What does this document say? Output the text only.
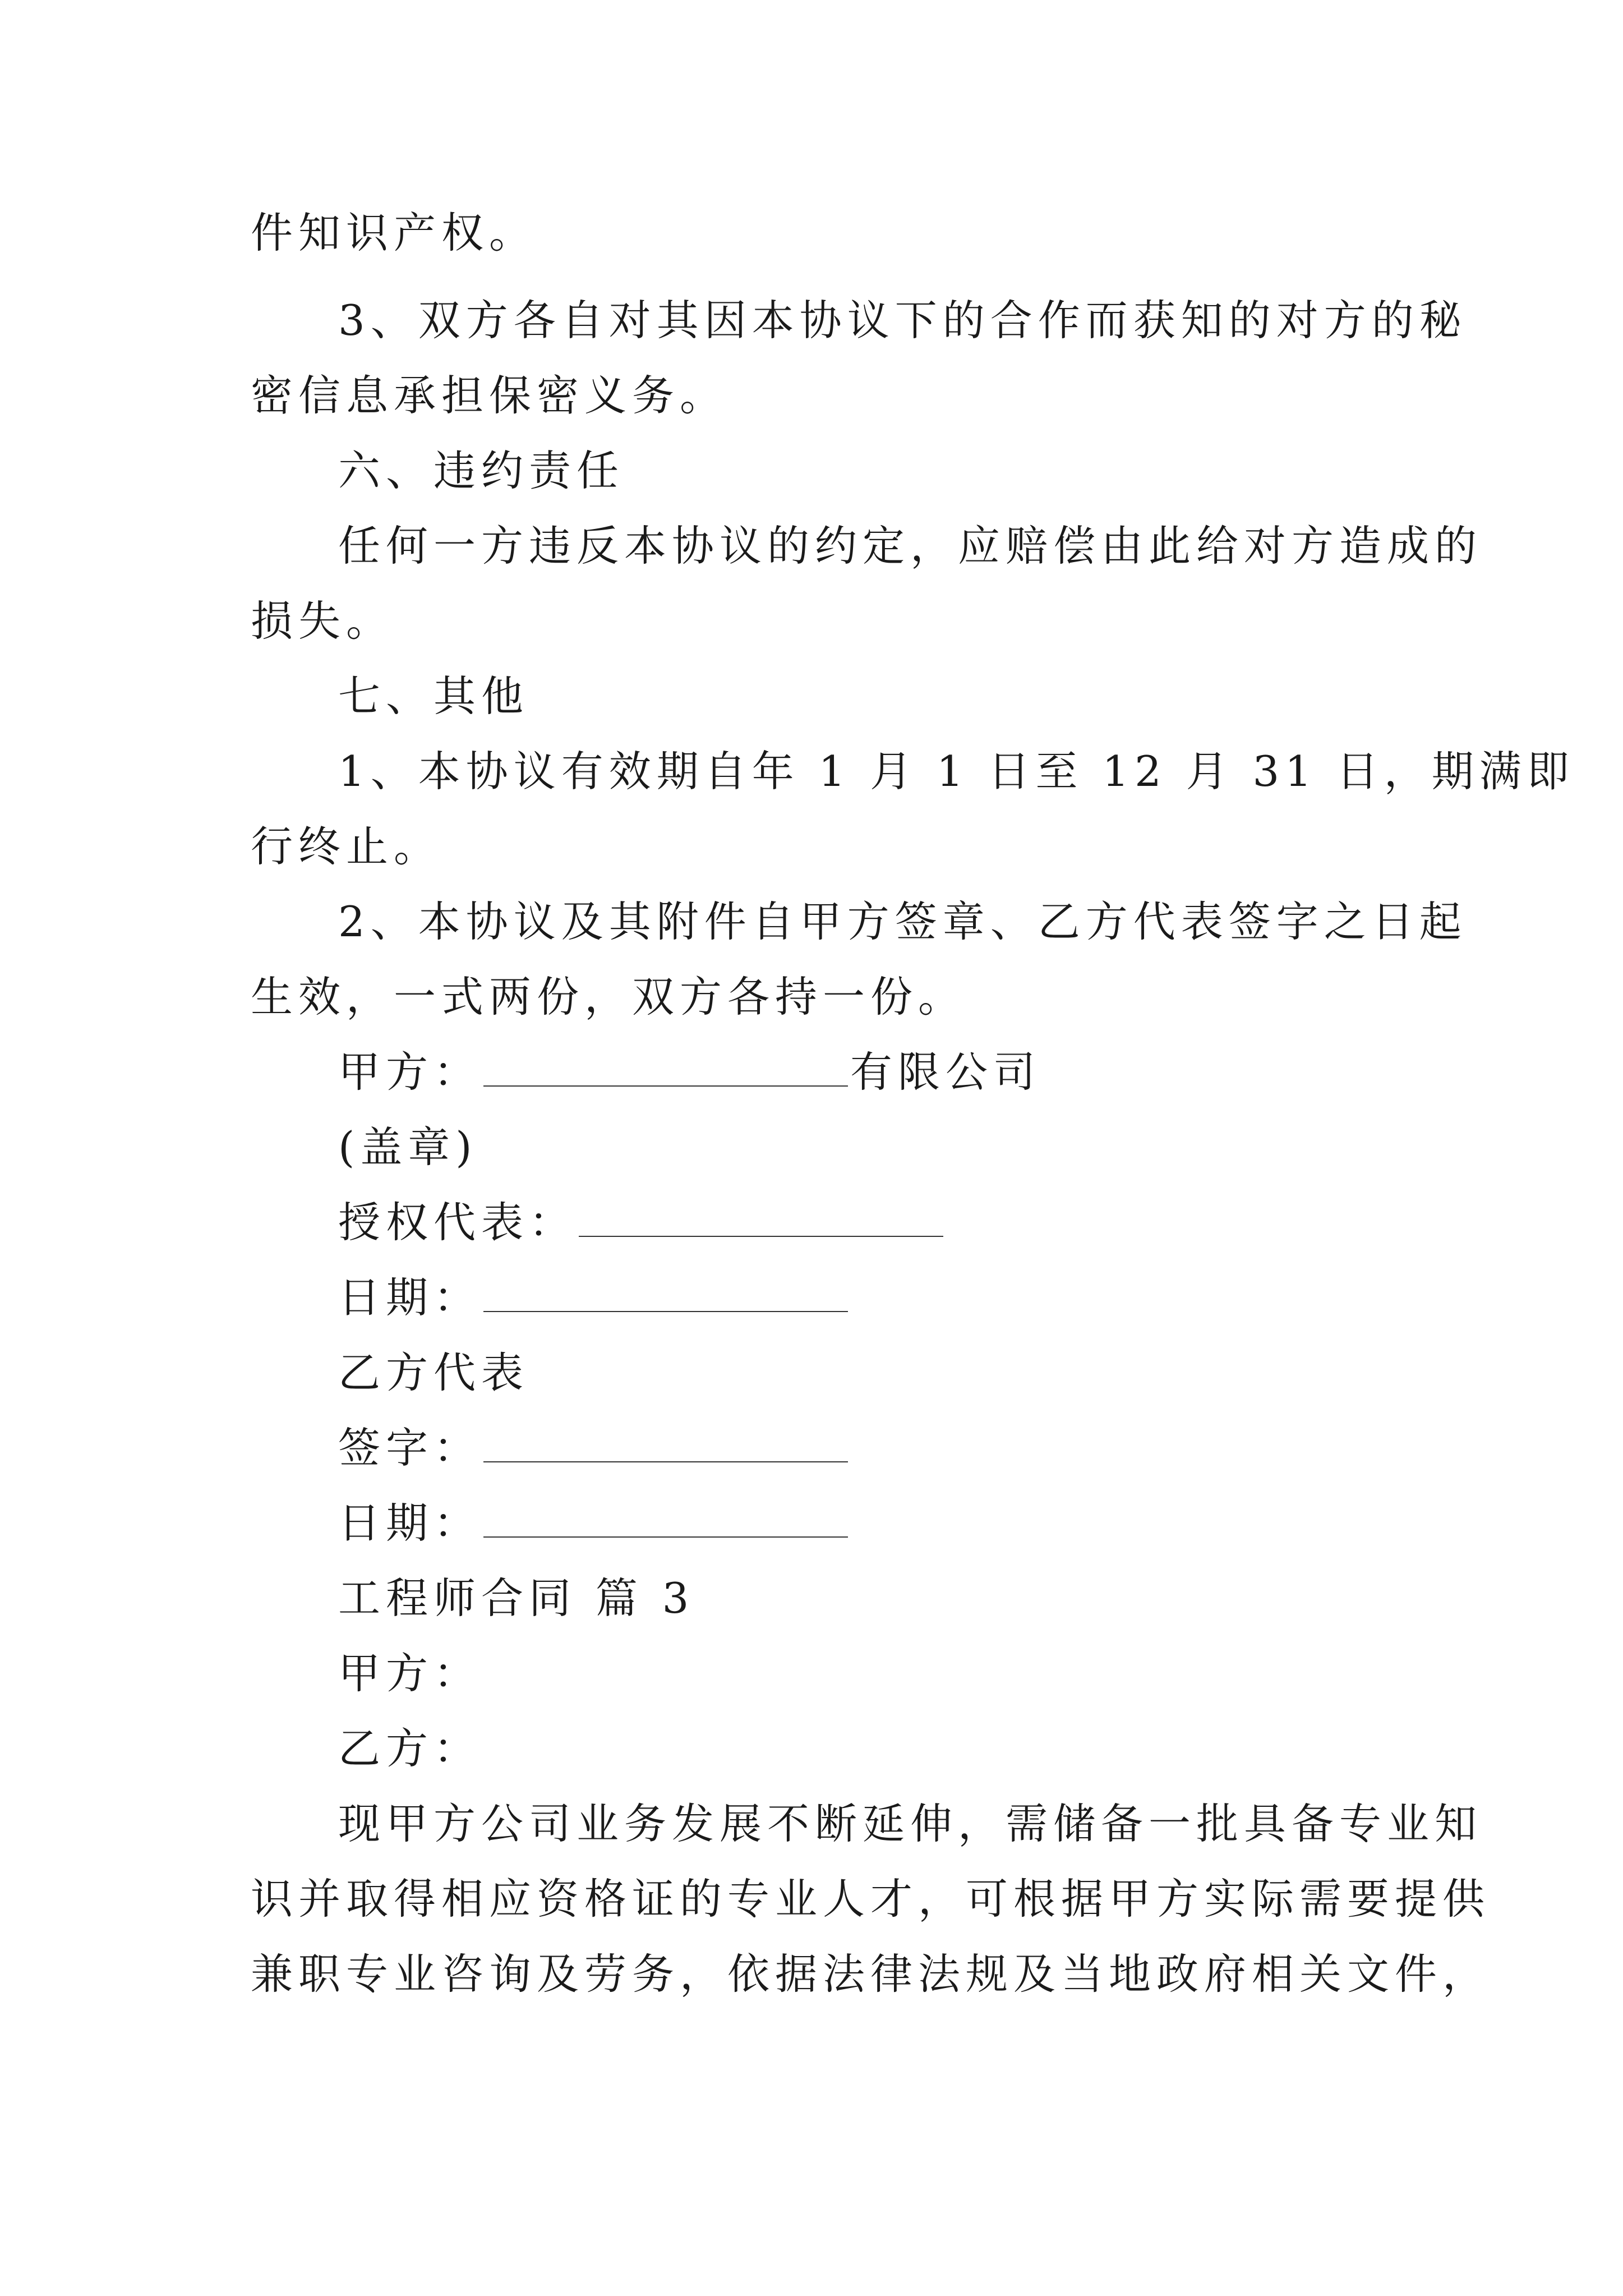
件知识产权。
3、双方各自对其因本协议下的合作而获知的对方的秘
密信息承担保密义务。
六、违约责任
任何一方违反本协议的约定，应赔偿由此给对方造成的
损失。
七、其他
1、本协议有效期自年 1 月 1 日至 12 月 31 日，期满即
行终止。
2、本协议及其附件自甲方签章、乙方代表签字之日起
生效，一式两份，双方各持一份。
甲方：	有限公司
(盖章)
授权代表：
日期：
乙方代表
签字：
日期：
工程师合同 篇 3
甲方：
乙方：
现甲方公司业务发展不断延伸，需储备一批具备专业知
识并取得相应资格证的专业人才，可根据甲方实际需要提供
兼职专业咨询及劳务，依据法律法规及当地政府相关文件，
